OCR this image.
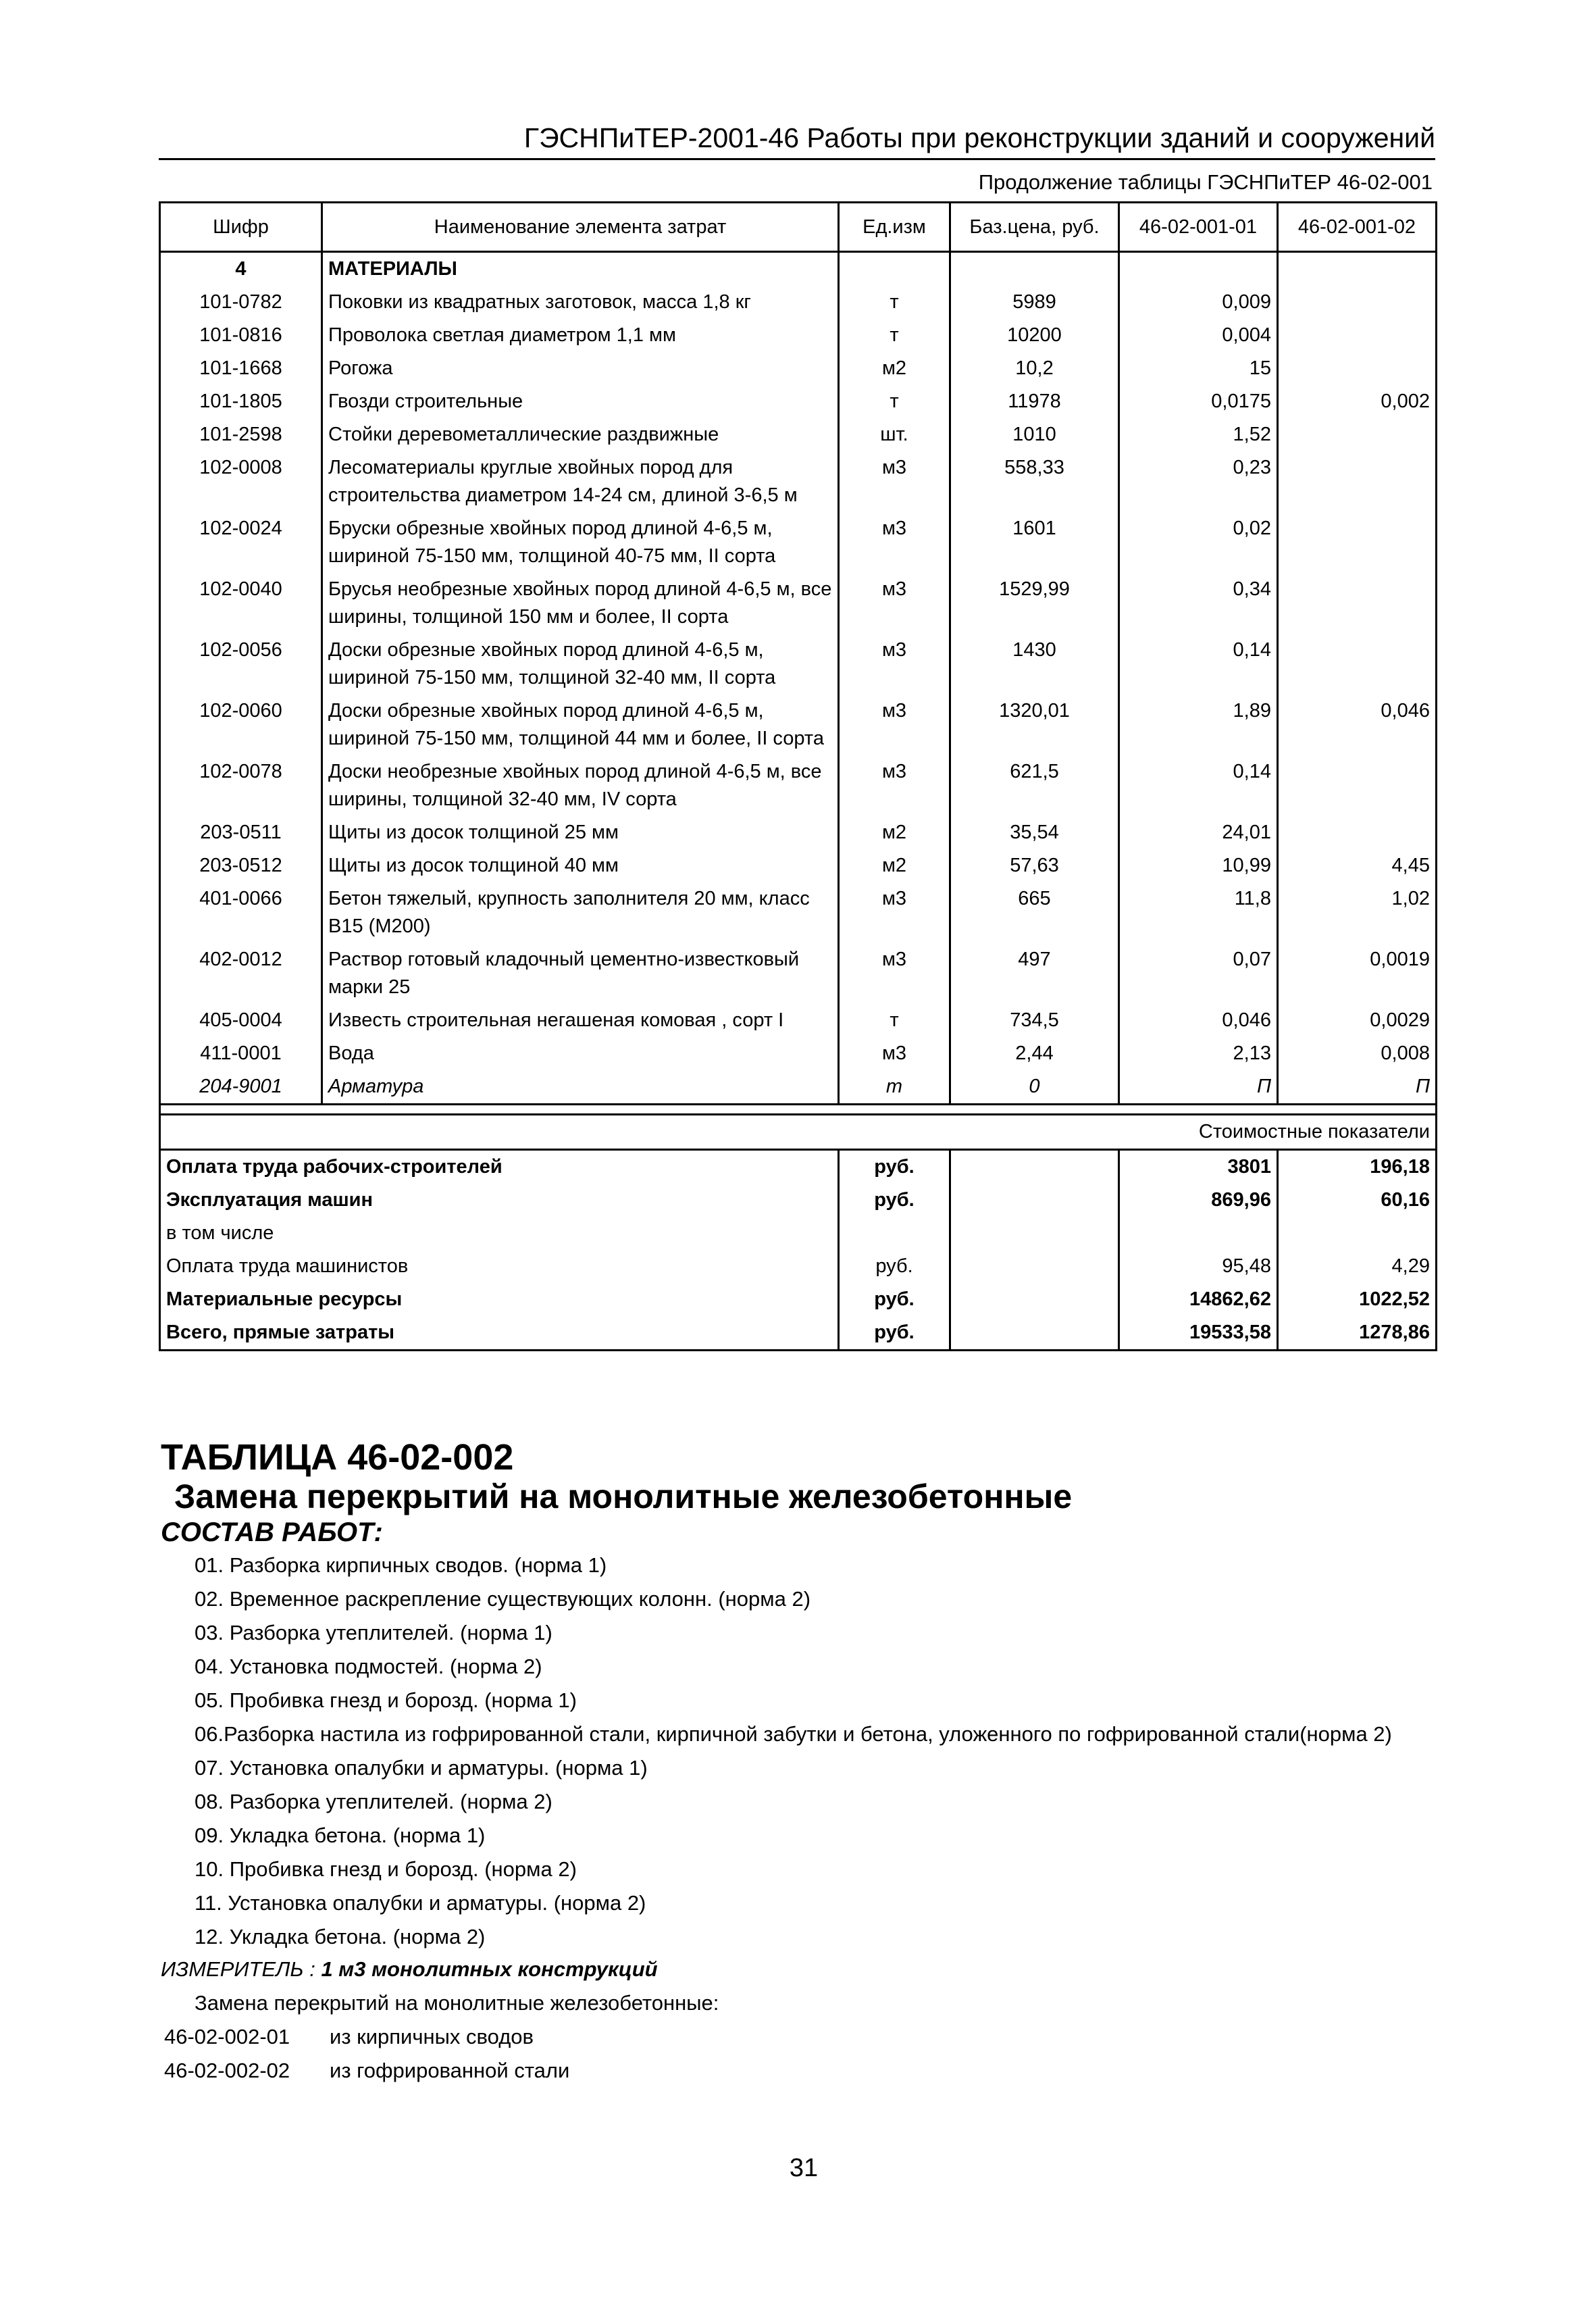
ГЭСНПиТЕР-2001-46 Работы при реконструкции зданий и сооружений
Продолжение таблицы ГЭСНПиТЕР 46-02-001
Шифр	Наименование элемента затрат	Ед.изм	Баз.цена, руб.	46-02-001-01	46-02-001-02
4	МАТЕРИАЛЫ				
101-0782	Поковки из квадратных заготовок, масса 1,8 кг	т	5989	0,009	
101-0816	Проволока светлая диаметром 1,1 мм	т	10200	0,004	
101-1668	Рогожа	м2	10,2	15	
101-1805	Гвозди строительные	т	11978	0,0175	0,002
101-2598	Стойки деревометаллические раздвижные	шт.	1010	1,52	
102-0008	Лесоматериалы круглые хвойных пород для строительства диаметром 14-24 см, длиной 3-6,5 м	м3	558,33	0,23	
102-0024	Бруски обрезные хвойных пород длиной 4-6,5 м, шириной 75-150 мм, толщиной 40-75 мм, II сорта	м3	1601	0,02	
102-0040	Брусья необрезные хвойных пород длиной 4-6,5 м, все ширины, толщиной 150 мм и более, II сорта	м3	1529,99	0,34	
102-0056	Доски обрезные хвойных пород длиной 4-6,5 м, шириной 75-150 мм, толщиной 32-40 мм, II сорта	м3	1430	0,14	
102-0060	Доски обрезные хвойных пород длиной 4-6,5 м, шириной 75-150 мм, толщиной 44 мм и более, II сорта	м3	1320,01	1,89	0,046
102-0078	Доски необрезные хвойных пород длиной 4-6,5 м, все ширины, толщиной 32-40 мм, IV сорта	м3	621,5	0,14	
203-0511	Щиты из досок толщиной 25 мм	м2	35,54	24,01	
203-0512	Щиты из досок толщиной 40 мм	м2	57,63	10,99	4,45
401-0066	Бетон тяжелый, крупность заполнителя 20 мм, класс В15 (М200)	м3	665	11,8	1,02
402-0012	Раствор готовый кладочный цементно-известковый марки 25	м3	497	0,07	0,0019
405-0004	Известь строительная негашеная комовая , сорт I	т	734,5	0,046	0,0029
411-0001	Вода	м3	2,44	2,13	0,008
204-9001	Арматура	т	0	П	П

Стоимостные показатели					
Оплата труда рабочих-строителей		руб.		3801	196,18
Эксплуатация машин		руб.		869,96	60,16
в том числе					
Оплата труда машинистов		руб.		95,48	4,29
Материальные ресурсы		руб.		14862,62	1022,52
Всего, прямые затраты		руб.		19533,58	1278,86
ТАБЛИЦА 46-02-002
Замена перекрытий на монолитные железобетонные
СОСТАВ РАБОТ:
01. Разборка кирпичных сводов. (норма 1)
02. Временное раскрепление существующих колонн. (норма 2)
03. Разборка утеплителей. (норма 1)
04. Установка подмостей. (норма 2)
05. Пробивка гнезд и борозд. (норма 1)
06.Разборка настила из гофрированной стали, кирпичной забутки и бетона, уложенного по гофрированной стали(норма 2)
07. Установка опалубки и арматуры. (норма 1)
08. Разборка утеплителей. (норма 2)
09. Укладка бетона. (норма 1)
10. Пробивка гнезд и борозд. (норма 2)
11. Установка опалубки и арматуры. (норма 2)
12. Укладка бетона. (норма 2)
ИЗМЕРИТЕЛЬ : 1 м3 монолитных конструкций
Замена перекрытий на монолитные железобетонные:
46-02-002-01	из кирпичных сводов
46-02-002-02	из гофрированной стали
31
